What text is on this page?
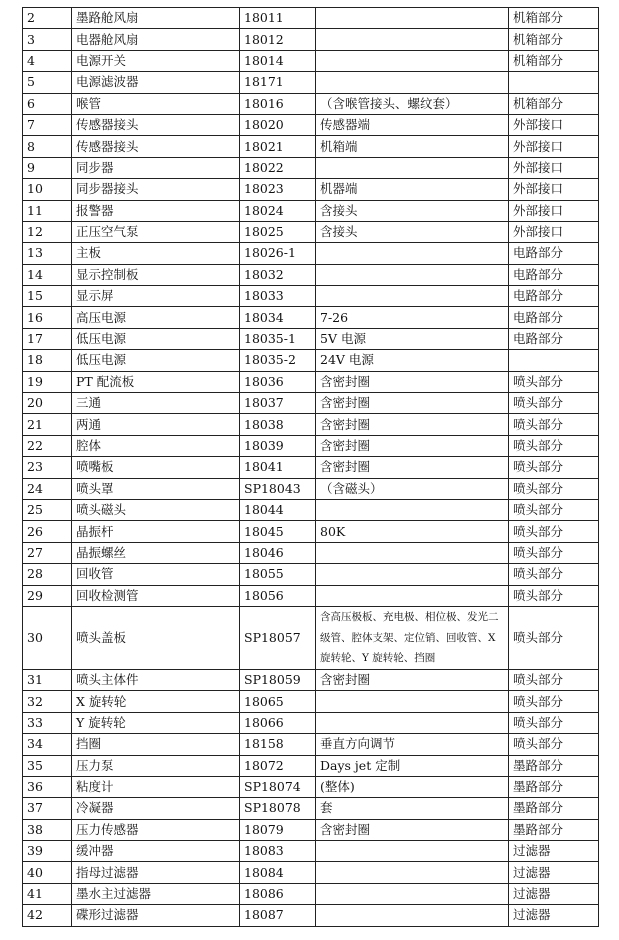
2	墨路舱风扇	18011		机箱部分
3	电器舱风扇	18012		机箱部分
4	电源开关	18014		机箱部分
5	电源滤波器	18171		
6	喉管	18016	（含喉管接头、螺纹套）	机箱部分
7	传感器接头	18020	传感器端	外部接口
8	传感器接头	18021	机箱端	外部接口
9	同步器	18022		外部接口
10	同步器接头	18023	机器端	外部接口
11	报警器	18024	含接头	外部接口
12	正压空气泵	18025	含接头	外部接口
13	主板	18026-1		电路部分
14	显示控制板	18032		电路部分
15	显示屏	18033		电路部分
16	高压电源	18034	7-26	电路部分
17	低压电源	18035-1	5V 电源	电路部分
18	低压电源	18035-2	24V 电源	
19	PT 配流板	18036	含密封圈	喷头部分
20	三通	18037	含密封圈	喷头部分
21	两通	18038	含密封圈	喷头部分
22	腔体	18039	含密封圈	喷头部分
23	喷嘴板	18041	含密封圈	喷头部分
24	喷头罩	SP18043	（含磁头）	喷头部分
25	喷头磁头	18044		喷头部分
26	晶振杆	18045	80K	喷头部分
27	晶振螺丝	18046		喷头部分
28	回收管	18055		喷头部分
29	回收检测管	18056		喷头部分
30	喷头盖板	SP18057	含高压极板、充电极、相位极、发光二级管、腔体支架、定位销、回收管、X 旋转轮、Y 旋转轮、挡圈	喷头部分
31	喷头主体件	SP18059	含密封圈	喷头部分
32	X 旋转轮	18065		喷头部分
33	Y 旋转轮	18066		喷头部分
34	挡圈	18158	垂直方向调节	喷头部分
35	压力泵	18072	Days jet 定制	墨路部分
36	粘度计	SP18074	(整体)	墨路部分
37	冷凝器	SP18078	套	墨路部分
38	压力传感器	18079	含密封圈	墨路部分
39	缓冲器	18083		过滤器
40	指母过滤器	18084		过滤器
41	墨水主过滤器	18086		过滤器
42	碟形过滤器	18087		过滤器
